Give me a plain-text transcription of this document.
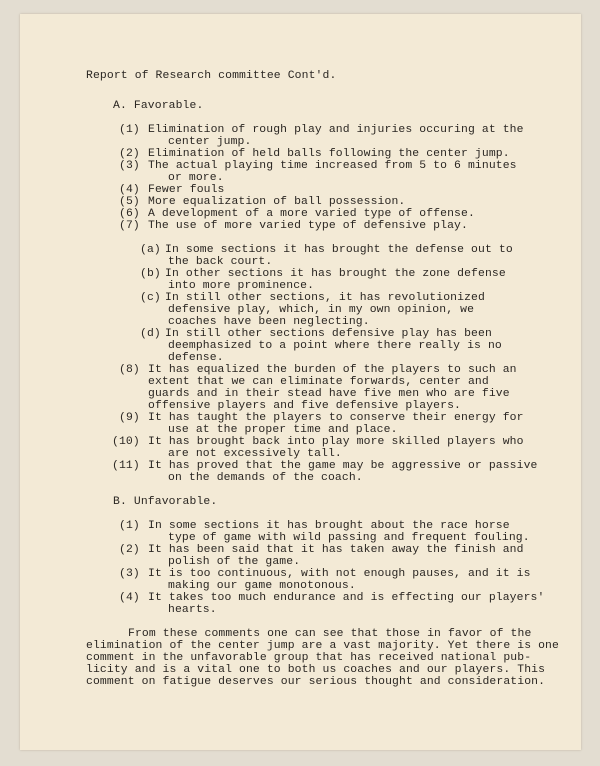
Report of Research committee Cont'd.
A. Favorable.
(1) Elimination of rough play and injuries occuring at the
center jump.
(2) Elimination of held balls following the center jump.
(3) The actual playing time increased from 5 to 6 minutes
or more.
(4) Fewer fouls
(5) More equalization of ball possession.
(6) A development of a more varied type of offense.
(7) The use of more varied type of defensive play.
(a) In some sections it has brought the defense out to
the back court.
(b) In other sections it has brought the zone defense
into more prominence.
(c) In still other sections, it has revolutionized
defensive play, which, in my own opinion, we
coaches have been neglecting.
(d) In still other sections defensive play has been
deemphasized to a point where there really is no
defense.
(8) It has equalized the burden of the players to such an
extent that we can eliminate forwards, center and
guards and in their stead have five men who are five
offensive players and five defensive players.
(9) It has taught the players to conserve their energy for
use at the proper time and place.
(10) It has brought back into play more skilled players who
are not excessively tall.
(11) It has proved that the game may be aggressive or passive
on the demands of the coach.
B. Unfavorable.
(1) In some sections it has brought about the race horse
type of game with wild passing and frequent fouling.
(2) It has been said that it has taken away the finish and
polish of the game.
(3) It is too continuous, with not enough pauses, and it is
making our game monotonous.
(4) It takes too much endurance and is effecting our players'
hearts.
From these comments one can see that those in favor of the
elimination of the center jump are a vast majority. Yet there is one
comment in the unfavorable group that has received national pub-
licity and is a vital one to both us coaches and our players. This
comment on fatigue deserves our serious thought and consideration.
